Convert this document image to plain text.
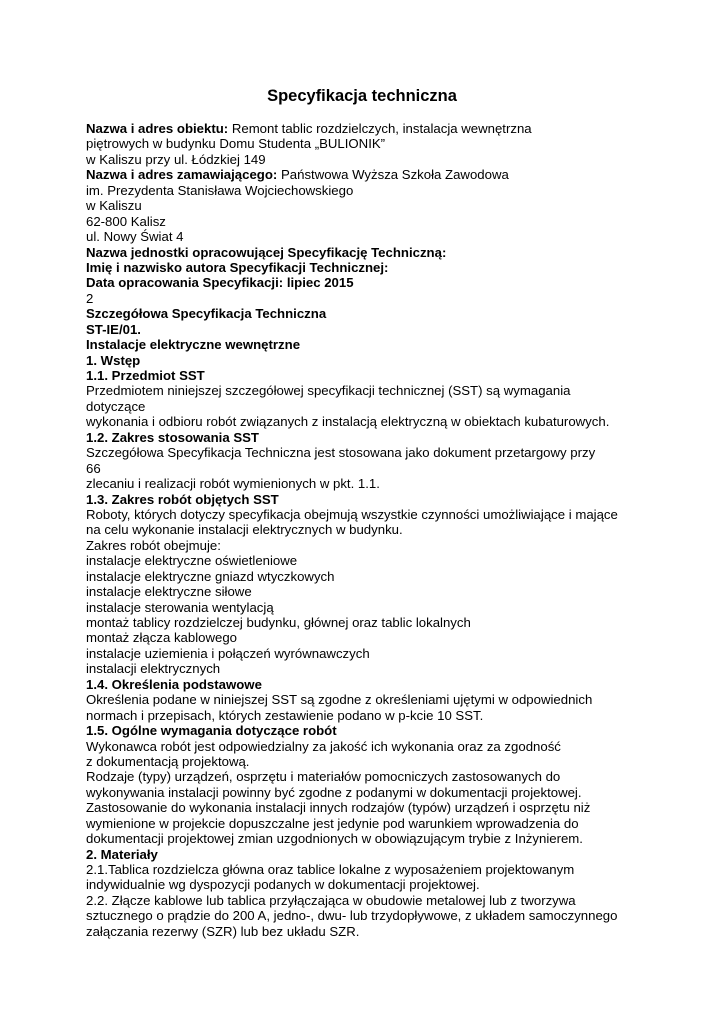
Specyfikacja techniczna
Nazwa i adres obiektu: Remont tablic rozdzielczych, instalacja wewnętrzna
piętrowych w budynku Domu Studenta „BULIONIK”
w Kaliszu przy ul. Łódzkiej 149
Nazwa i adres zamawiającego: Państwowa Wyższa Szkoła Zawodowa
im. Prezydenta Stanisława Wojciechowskiego
w Kaliszu
62-800 Kalisz
ul. Nowy Świat 4
Nazwa jednostki opracowującej Specyfikację Techniczną:
Imię i nazwisko autora Specyfikacji Technicznej:
Data opracowania Specyfikacji: lipiec 2015
2
Szczegółowa Specyfikacja Techniczna
ST-IE/01.
Instalacje elektryczne wewnętrzne
1. Wstęp
1.1. Przedmiot SST
Przedmiotem niniejszej szczegółowej specyfikacji technicznej (SST) są wymagania
dotyczące
wykonania i odbioru robót związanych z instalacją elektryczną w obiektach kubaturowych.
1.2. Zakres stosowania SST
Szczegółowa Specyfikacja Techniczna jest stosowana jako dokument przetargowy przy
66
zlecaniu i realizacji robót wymienionych w pkt. 1.1.
1.3. Zakres robót objętych SST
Roboty, których dotyczy specyfikacja obejmują wszystkie czynności umożliwiające i mające
na celu wykonanie instalacji elektrycznych w budynku.
Zakres robót obejmuje:
instalacje elektryczne oświetleniowe
instalacje elektryczne gniazd wtyczkowych
instalacje elektryczne siłowe
instalacje sterowania wentylacją
montaż tablicy rozdzielczej budynku, głównej oraz tablic lokalnych
montaż złącza kablowego
instalacje uziemienia i połączeń wyrównawczych
instalacji elektrycznych
1.4. Określenia podstawowe
Określenia podane w niniejszej SST są zgodne z określeniami ujętymi w odpowiednich
normach i przepisach, których zestawienie podano w p-kcie 10 SST.
1.5. Ogólne wymagania dotyczące robót
Wykonawca robót jest odpowiedzialny za jakość ich wykonania oraz za zgodność
z dokumentacją projektową.
Rodzaje (typy) urządzeń, osprzętu i materiałów pomocniczych zastosowanych do
wykonywania instalacji powinny być zgodne z podanymi w dokumentacji projektowej.
Zastosowanie do wykonania instalacji innych rodzajów (typów) urządzeń i osprzętu niż
wymienione w projekcie dopuszczalne jest jedynie pod warunkiem wprowadzenia do
dokumentacji projektowej zmian uzgodnionych w obowiązującym trybie z Inżynierem.
2. Materiały
2.1.Tablica rozdzielcza główna oraz tablice lokalne z wyposażeniem projektowanym
indywidualnie wg dyspozycji podanych w dokumentacji projektowej.
2.2. Złącze kablowe lub tablica przyłączająca w obudowie metalowej lub z tworzywa
sztucznego o prądzie do 200 A, jedno-, dwu- lub trzydopływowe, z układem samoczynnego
załączania rezerwy (SZR) lub bez układu SZR.
